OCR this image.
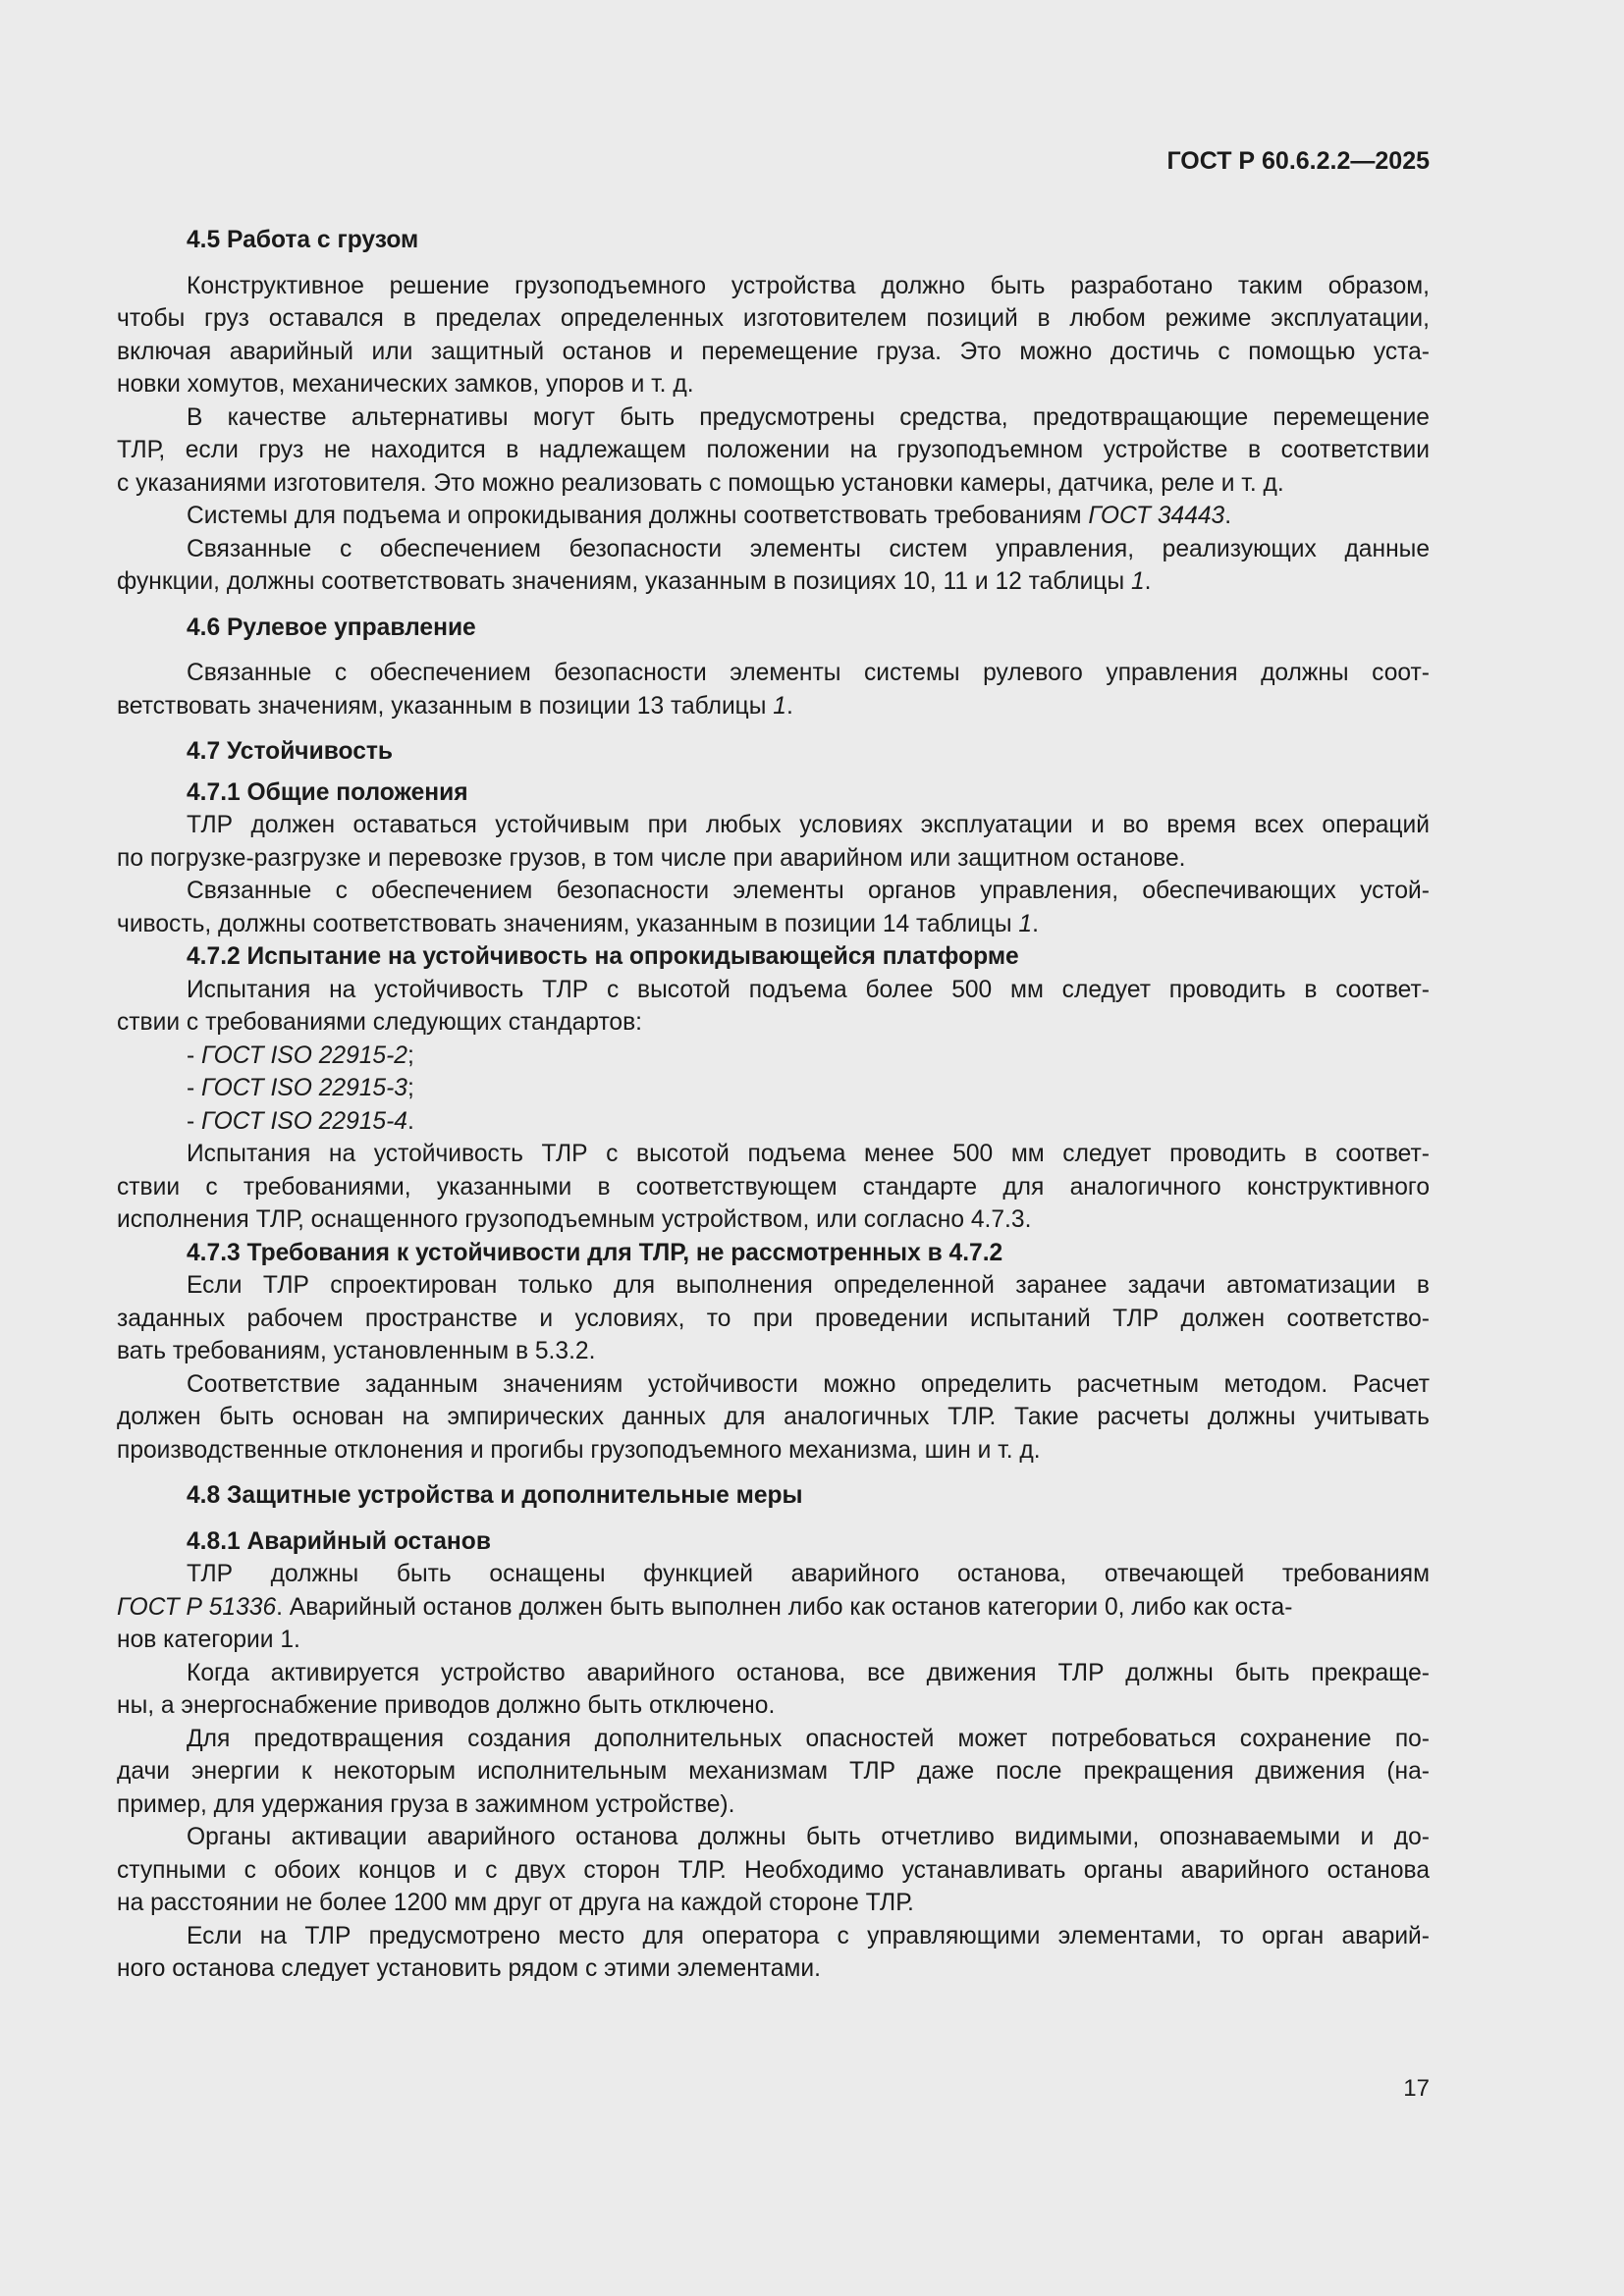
ГОСТ Р 60.6.2.2—2025
4.5 Работа с грузом
Конструктивное решение грузоподъемного устройства должно быть разработано таким образом,
чтобы груз оставался в пределах определенных изготовителем позиций в любом режиме эксплуатации,
включая аварийный или защитный останов и перемещение груза. Это можно достичь с помощью уста-
новки хомутов, механических замков, упоров и т. д.
В качестве альтернативы могут быть предусмотрены средства, предотвращающие перемещение
ТЛР, если груз не находится в надлежащем положении на грузоподъемном устройстве в соответствии
с указаниями изготовителя. Это можно реализовать с помощью установки камеры, датчика, реле и т. д.
Системы для подъема и опрокидывания должны соответствовать требованиям ГОСТ 34443.
Связанные с обеспечением безопасности элементы систем управления, реализующих данные
функции, должны соответствовать значениям, указанным в позициях 10, 11 и 12 таблицы 1.
4.6 Рулевое управление
Связанные с обеспечением безопасности элементы системы рулевого управления должны соот-
ветствовать значениям, указанным в позиции 13 таблицы 1.
4.7 Устойчивость
4.7.1 Общие положения
ТЛР должен оставаться устойчивым при любых условиях эксплуатации и во время всех операций
по погрузке-разгрузке и перевозке грузов, в том числе при аварийном или защитном останове.
Связанные с обеспечением безопасности элементы органов управления, обеспечивающих устой-
чивость, должны соответствовать значениям, указанным в позиции 14 таблицы 1.
4.7.2 Испытание на устойчивость на опрокидывающейся платформе
Испытания на устойчивость ТЛР с высотой подъема более 500 мм следует проводить в соответ-
ствии с требованиями следующих стандартов:
- ГОСТ ISO 22915-2;
- ГОСТ ISO 22915-3;
- ГОСТ ISO 22915-4.
Испытания на устойчивость ТЛР с высотой подъема менее 500 мм следует проводить в соответ-
ствии с требованиями, указанными в соответствующем стандарте для аналогичного конструктивного
исполнения ТЛР, оснащенного грузоподъемным устройством, или согласно 4.7.3.
4.7.3 Требования к устойчивости для ТЛР, не рассмотренных в 4.7.2
Если ТЛР спроектирован только для выполнения определенной заранее задачи автоматизации в
заданных рабочем пространстве и условиях, то при проведении испытаний ТЛР должен соответство-
вать требованиям, установленным в 5.3.2.
Соответствие заданным значениям устойчивости можно определить расчетным методом. Расчет
должен быть основан на эмпирических данных для аналогичных ТЛР. Такие расчеты должны учитывать
производственные отклонения и прогибы грузоподъемного механизма, шин и т. д.
4.8 Защитные устройства и дополнительные меры
4.8.1 Аварийный останов
ТЛР должны быть оснащены функцией аварийного останова, отвечающей требованиям
ГОСТ Р 51336. Аварийный останов должен быть выполнен либо как останов категории 0, либо как оста-
нов категории 1.
Когда активируется устройство аварийного останова, все движения ТЛР должны быть прекраще-
ны, а энергоснабжение приводов должно быть отключено.
Для предотвращения создания дополнительных опасностей может потребоваться сохранение по-
дачи энергии к некоторым исполнительным механизмам ТЛР даже после прекращения движения (на-
пример, для удержания груза в зажимном устройстве).
Органы активации аварийного останова должны быть отчетливо видимыми, опознаваемыми и до-
ступными с обоих концов и с двух сторон ТЛР. Необходимо устанавливать органы аварийного останова
на расстоянии не более 1200 мм друг от друга на каждой стороне ТЛР.
Если на ТЛР предусмотрено место для оператора с управляющими элементами, то орган аварий-
ного останова следует установить рядом с этими элементами.
17
